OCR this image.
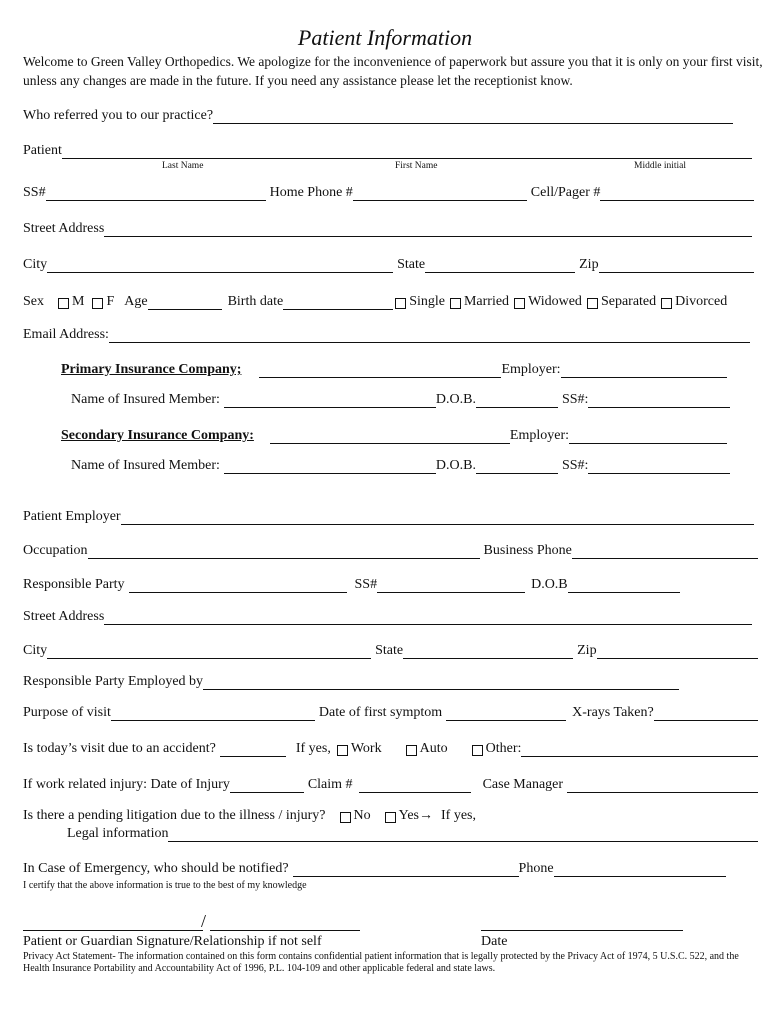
Patient Information
Welcome to Green Valley Orthopedics. We apologize for the inconvenience of paperwork but assure you that it is only on your first visit, unless any changes are made in the future. If you need any assistance please let the receptionist know.
Who referred you to our practice?
Patient
Last Name	First Name	Middle initial
SS#	Home Phone #	Cell/Pager #
Street Address
City	State	Zip
Sex M F Age	Birth date	Single Married Widowed Separated Divorced
Email Address:
Primary Insurance Company;	Employer:
Name of Insured Member:	D.O.B.	SS#:
Secondary Insurance Company:	Employer:
Name of Insured Member:	D.O.B.	SS#:
Patient Employer
Occupation	Business Phone
Responsible Party	SS#	D.O.B
Street Address
City	State	Zip
Responsible Party Employed by
Purpose of visit	Date of first symptom	X-rays Taken?
Is today’s visit due to an accident?	If yes, Work	Auto	Other:
If work related injury: Date of Injury	Claim #	Case Manager
Is there a pending litigation due to the illness / injury? No Yes → If yes,
Legal information
In Case of Emergency, who should be notified?	Phone
I certify that the above information is true to the best of my knowledge
/
Patient or Guardian Signature/Relationship if not self	Date
Privacy Act Statement- The information contained on this form contains confidential patient information that is legally protected by the Privacy Act of 1974, 5 U.S.C. 522, and the Health Insurance Portability and Accountability Act of 1996, P.L. 104-109 and other applicable federal and state laws.
